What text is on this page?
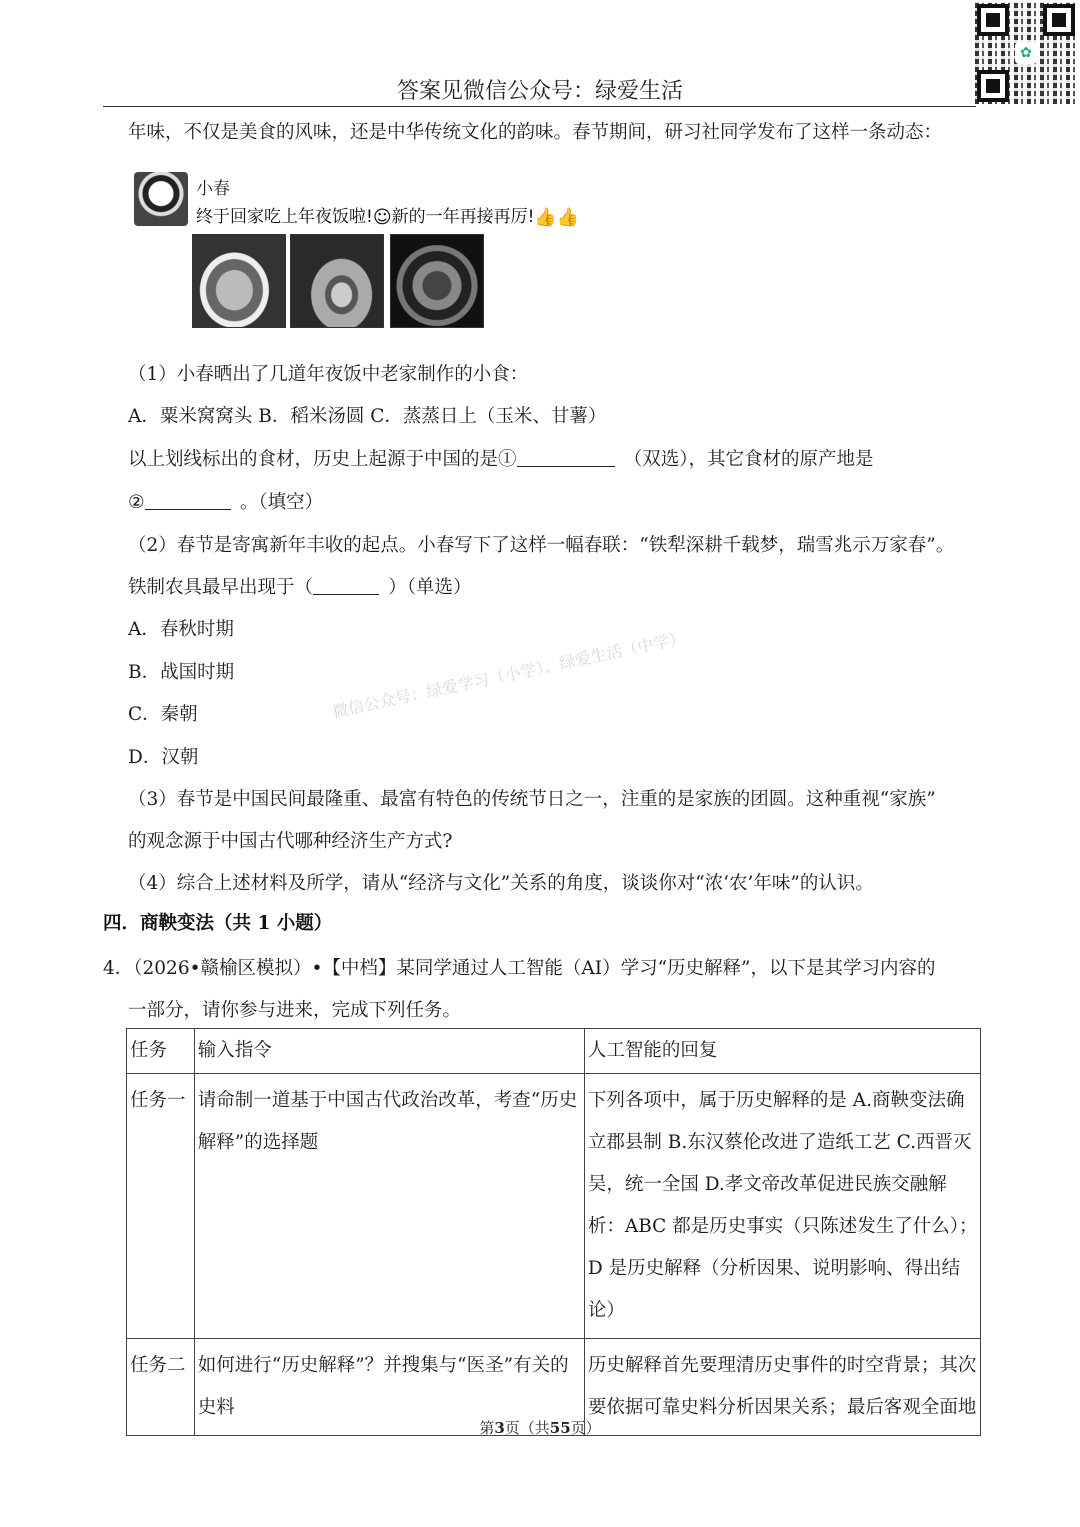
✿
答案见微信公众号：绿爱生活
年味，不仅是美食的风味，还是中华传统文化的韵味。春节期间，研习社同学发布了这样一条动态：
小春
终于回家吃上年夜饭啦!☺新的一年再接再厉!👍👍
（1）小春晒出了几道年夜饭中老家制作的小食：
A．粟米窝窝头 B．稻米汤圆 C．蒸蒸日上（玉米、甘薯）
以上划线标出的食材，历史上起源于中国的是①　	（双选），其它食材的原产地是
② 	。（填空）
（2）春节是寄寓新年丰收的起点。小春写下了这样一幅春联：“铁犁深耕千载梦，瑞雪兆示万家春”。
铁制农具最早出现于（ 	）（单选）
A．春秋时期
B．战国时期
C．秦朝
D．汉朝
微信公众号：绿爱学习（小学）、绿爱生活（中学）
（3）春节是中国民间最隆重、最富有特色的传统节日之一，注重的是家族的团圆。这种重视“家族”
的观念源于中国古代哪种经济生产方式?
（4）综合上述材料及所学，请从“经济与文化”关系的角度，谈谈你对“浓‘农’年味”的认识。
四．商鞅变法（共 1 小题）
4．（2026•赣榆区模拟）•【中档】某同学通过人工智能（AI）学习“历史解释”，以下是其学习内容的
一部分，请你参与进来，完成下列任务。
任务	输入指令	人工智能的回复
任务一	请命制一道基于中国古代政治改革，考查“历史解释”的选择题	下列各项中，属于历史解释的是 A.商鞅变法确立郡县制 B.东汉蔡伦改进了造纸工艺 C.西晋灭吴，统一全国 D.孝文帝改革促进民族交融解析：ABC 都是历史事实（只陈述发生了什么）；D 是历史解释（分析因果、说明影响、得出结论）
任务二	如何进行“历史解释”？并搜集与“医圣”有关的史料	历史解释首先要理清历史事件的时空背景；其次要依据可靠史料分析因果关系；最后客观全面地
第3页（共55页）
